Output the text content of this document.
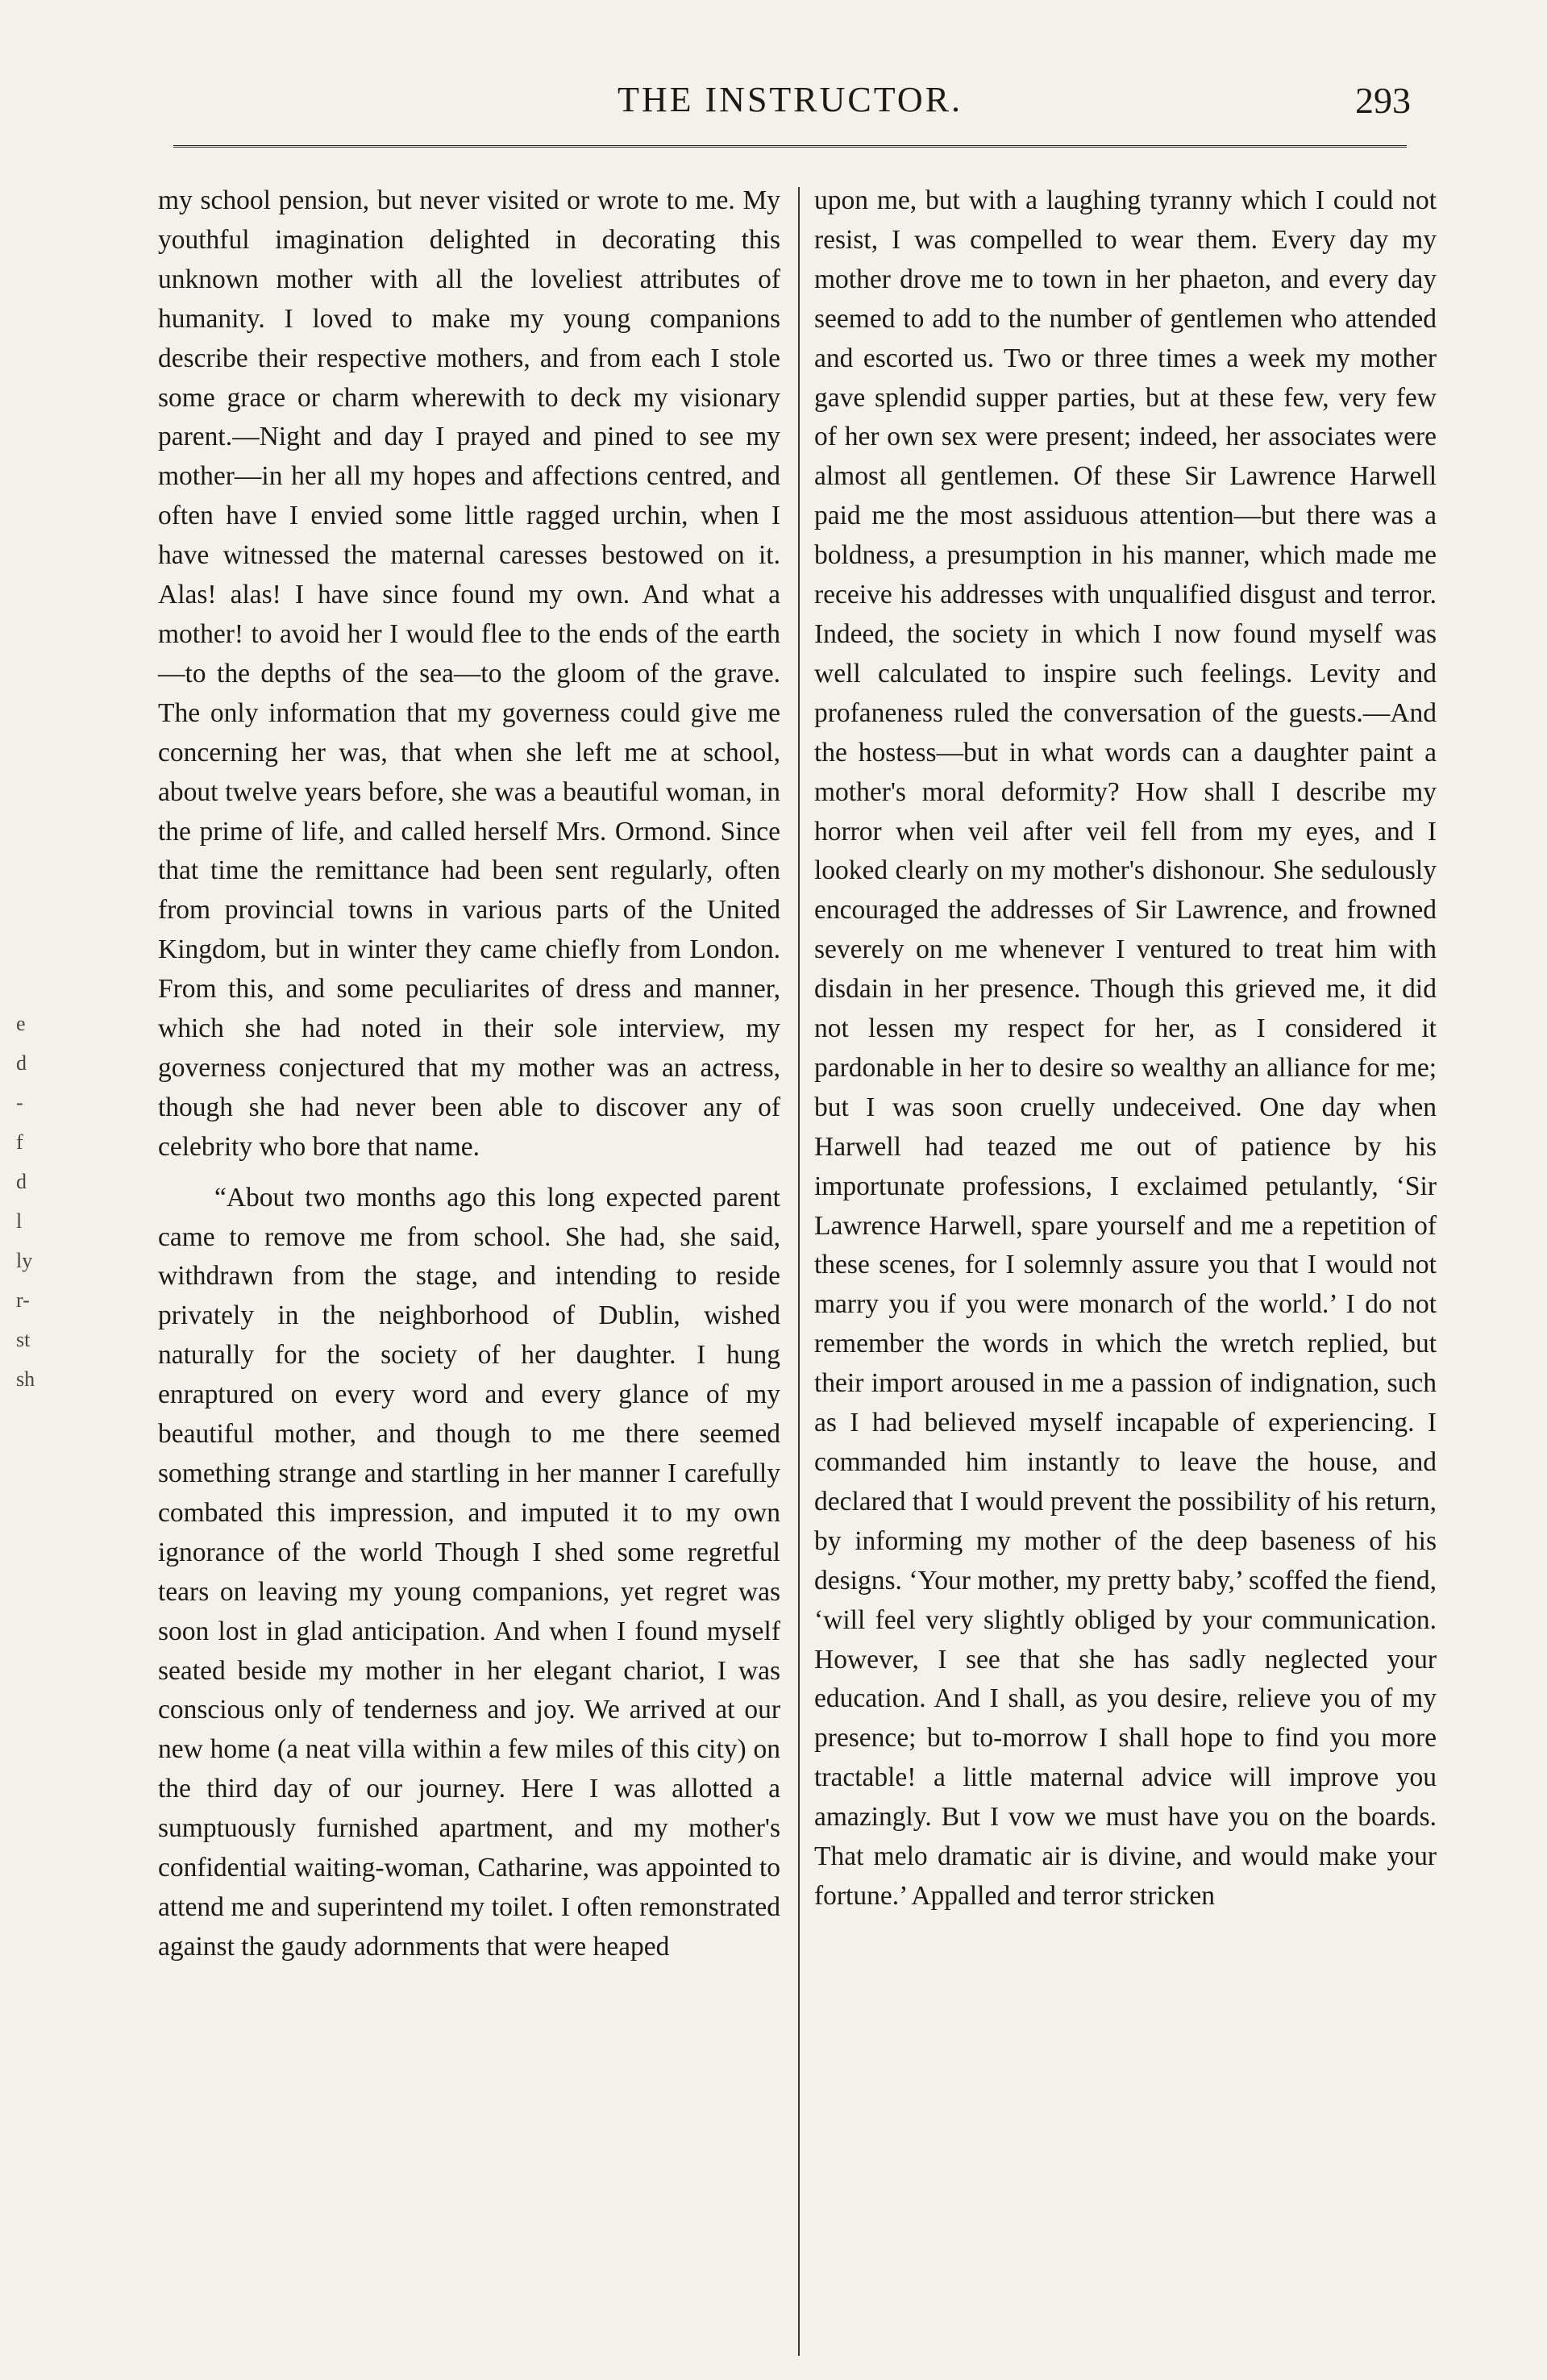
THE INSTRUCTOR.	293
e
d
-
f
d
l
ly
r-
st
sh

my school pension, but never visited or wrote to me. My youthful imagination delighted in decorating this unknown mother with all the loveliest attributes of humanity. I loved to make my young companions describe their respective mothers, and from each I stole some grace or charm wherewith to deck my visionary parent.—Night and day I prayed and pined to see my mother—in her all my hopes and affections centred, and often have I envied some little ragged urchin, when I have witnessed the maternal caresses bestowed on it. Alas! alas! I have since found my own. And what a mother! to avoid her I would flee to the ends of the earth—to the depths of the sea—to the gloom of the grave. The only information that my governess could give me concerning her was, that when she left me at school, about twelve years before, she was a beautiful woman, in the prime of life, and called herself Mrs. Ormond. Since that time the remittance had been sent regularly, often from provincial towns in various parts of the United Kingdom, but in winter they came chiefly from London. From this, and some peculiarites of dress and manner, which she had noted in their sole interview, my governess conjectured that my mother was an actress, though she had never been able to discover any of celebrity who bore that name.

“About two months ago this long expected parent came to remove me from school. She had, she said, withdrawn from the stage, and intending to reside privately in the neighborhood of Dublin, wished naturally for the society of her daughter. I hung enraptured on every word and every glance of my beautiful mother, and though to me there seemed something strange and startling in her manner I carefully combated this impression, and imputed it to my own ignorance of the world Though I shed some regretful tears on leaving my young companions, yet regret was soon lost in glad anticipation. And when I found myself seated beside my mother in her elegant chariot, I was conscious only of tenderness and joy. We arrived at our new home (a neat villa within a few miles of this city) on the third day of our journey. Here I was allotted a sumptuously furnished apartment, and my mother's confidential waiting-woman, Catharine, was appointed to attend me and superintend my toilet. I often remonstrated against the gaudy adornments that were heaped

upon me, but with a laughing tyranny which I could not resist, I was compelled to wear them. Every day my mother drove me to town in her phaeton, and every day seemed to add to the number of gentlemen who attended and escorted us. Two or three times a week my mother gave splendid supper parties, but at these few, very few of her own sex were present; indeed, her associates were almost all gentlemen. Of these Sir Lawrence Harwell paid me the most assiduous attention—but there was a boldness, a presumption in his manner, which made me receive his addresses with unqualified disgust and terror. Indeed, the society in which I now found myself was well calculated to inspire such feelings. Levity and profaneness ruled the conversation of the guests.—And the hostess—but in what words can a daughter paint a mother's moral deformity? How shall I describe my horror when veil after veil fell from my eyes, and I looked clearly on my mother's dishonour. She sedulously encouraged the addresses of Sir Lawrence, and frowned severely on me whenever I ventured to treat him with disdain in her presence. Though this grieved me, it did not lessen my respect for her, as I considered it pardonable in her to desire so wealthy an alliance for me; but I was soon cruelly undeceived. One day when Harwell had teazed me out of patience by his importunate professions, I exclaimed petulantly, ‘Sir Lawrence Harwell, spare yourself and me a repetition of these scenes, for I solemnly assure you that I would not marry you if you were monarch of the world.’ I do not remember the words in which the wretch replied, but their import aroused in me a passion of indignation, such as I had believed myself incapable of experiencing. I commanded him instantly to leave the house, and declared that I would prevent the possibility of his return, by informing my mother of the deep baseness of his designs. ‘Your mother, my pretty baby,’ scoffed the fiend, ‘will feel very slightly obliged by your communication. However, I see that she has sadly neglected your education. And I shall, as you desire, relieve you of my presence; but to-morrow I shall hope to find you more tractable! a little maternal advice will improve you amazingly. But I vow we must have you on the boards. That melo dramatic air is divine, and would make your fortune.’ Appalled and terror stricken
